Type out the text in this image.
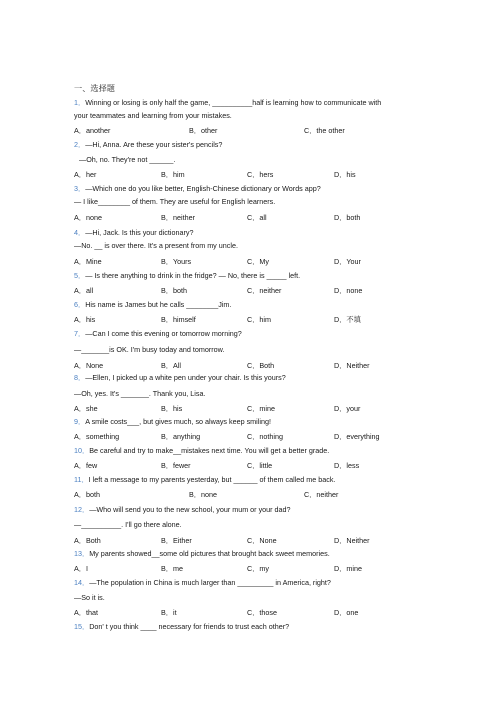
一、选择题
1．Winning or losing is only half the game, __________half is learning how to communicate with
your teammates and learning from your mistakes.
A．another	B．other	C．the other
2．—Hi, Anna. Are these your sister's pencils?
—Oh, no. They're not ______.
A．her	B．him	C．hers	D．his
3．—Which one do you like better, English-Chinese dictionary or Words app?
— I like________ of them. They are useful for English learners.
A．none	B．neither	C．all	D．both
4．—Hi, Jack. Is this your dictionary?
—No. __ is over there. It's a present from my uncle.
A．Mine	B．Yours	C．My	D．Your
5．— Is there anything to drink in the fridge? — No, there is _____ left.
A．all	B．both	C．neither	D．none
6．His name is James but he calls ________Jim.
A．his	B．himself	C．him	D．不填
7．—Can I come this evening or tomorrow morning?
—_______is OK. I'm busy today and tomorrow.
A．None	B．All	C．Both	D．Neither
8．—Ellen, I picked up a white pen under your chair. Is this yours?
—Oh, yes. It's _______. Thank you, Lisa.
A．she	B．his	C．mine	D．your
9．A smile costs___, but gives much, so always keep smiling!
A．something	B．anything	C．nothing	D．everything
10．Be careful and try to make__mistakes next time. You will get a better grade.
A．few	B．fewer	C．little	D．less
11．I left a message to my parents yesterday, but ______ of them called me back.
A．both	B．none	C．neither
12．—Who will send you to the new school, your mum or your dad?
—__________. I'll go there alone.
A．Both	B．Either	C．None	D．Neither
13．My parents showed__some old pictures that brought back sweet memories.
A．I	B．me	C．my	D．mine
14．—The population in China is much larger than _________ in America, right?
—So it is.
A．that	B．it	C．those	D．one
15．Don' t you think ____ necessary for friends to trust each other?
